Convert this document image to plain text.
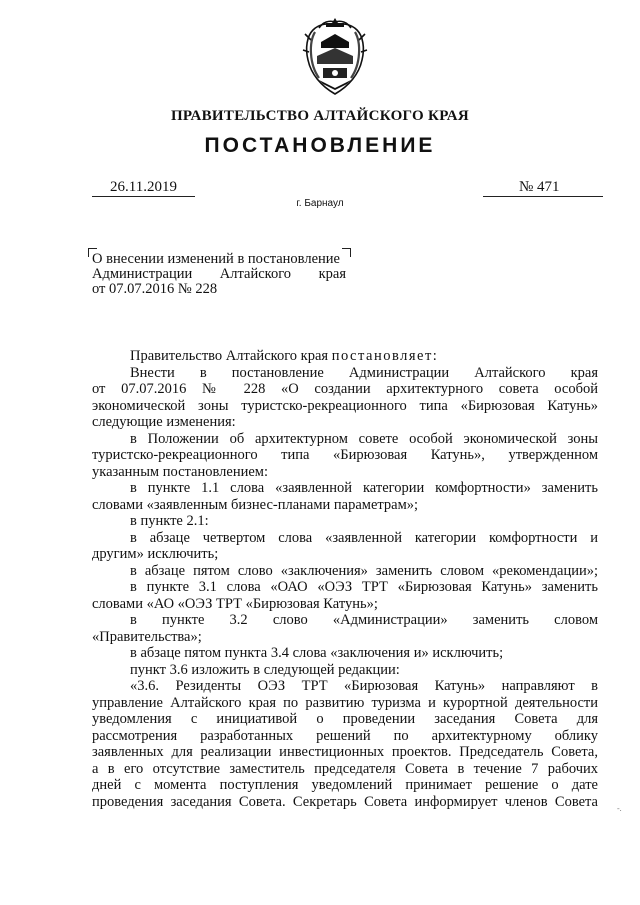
ПРАВИТЕЛЬСТВО АЛТАЙСКОГО КРАЯ
ПОСТАНОВЛЕНИЕ
26.11.2019	№ 471
г. Барнаул
О внесении изменений в постановление
Администрации Алтайского края
от 07.07.2016 № 228
Правительство Алтайского края постановляет:
Внести в постановление Администрации Алтайского края
от 07.07.2016 № 228 «О создании архитектурного совета особой
экономической зоны туристско-рекреационного типа «Бирюзовая Катунь»
следующие изменения:
в Положении об архитектурном совете особой экономической зоны
туристско-рекреационного типа «Бирюзовая Катунь», утвержденном
указанным постановлением:
в пункте 1.1 слова «заявленной категории комфортности» заменить
словами «заявленным бизнес-планами параметрам»;
в пункте 2.1:
в абзаце четвертом слова «заявленной категории комфортности и
другим» исключить;
в абзаце пятом слово «заключения» заменить словом «рекомендации»;
в пункте 3.1 слова «ОАО «ОЭЗ ТРТ «Бирюзовая Катунь» заменить
словами «АО «ОЭЗ ТРТ «Бирюзовая Катунь»;
в пункте 3.2 слово «Администрации» заменить словом
«Правительства»;
в абзаце пятом пункта 3.4 слова «заключения и» исключить;
пункт 3.6 изложить в следующей редакции:
«3.6. Резиденты ОЭЗ ТРТ «Бирюзовая Катунь» направляют в
управление Алтайского края по развитию туризма и курортной деятельности
уведомления с инициативой о проведении заседания Совета для
рассмотрения разработанных решений по архитектурному облику
заявленных для реализации инвестиционных проектов. Председатель Совета,
а в его отсутствие заместитель председателя Совета в течение 7 рабочих
дней с момента поступления уведомлений принимает решение о дате
проведения заседания Совета. Секретарь Совета информирует членов Совета -.
